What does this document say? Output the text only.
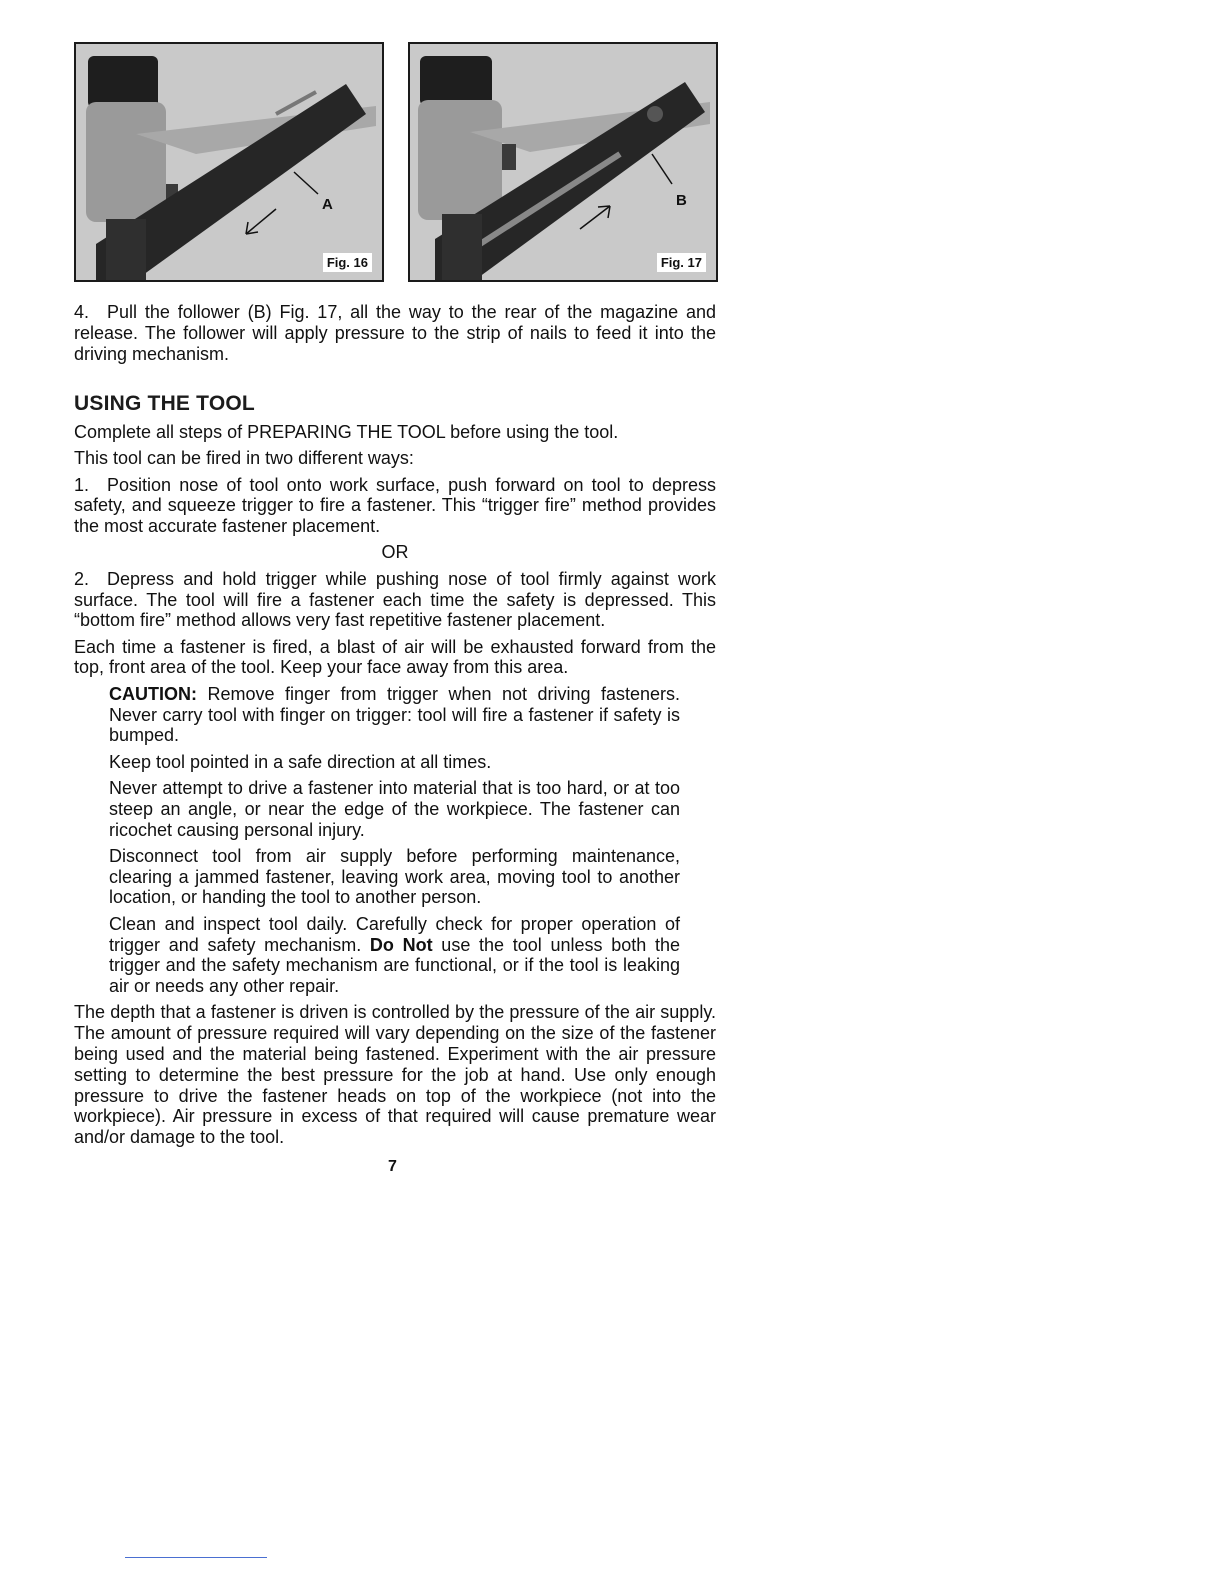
A
Fig. 16
B
Fig. 17

4. Pull the follower (B) Fig. 17, all the way to the rear of the magazine and release. The follower will apply pressure to the strip of nails to feed it into the driving mechanism.

USING THE TOOL

Complete all steps of PREPARING THE TOOL before using the tool.

This tool can be fired in two different ways:

1. Position nose of tool onto work surface, push forward on tool to depress safety, and squeeze trigger to fire a fastener. This “trigger fire” method provides the most accurate fastener placement.

OR

2. Depress and hold trigger while pushing nose of tool firmly against work surface. The tool will fire a fastener each time the safety is depressed. This “bottom fire” method allows very fast repetitive fastener placement.

Each time a fastener is fired, a blast of air will be exhausted forward from the top, front area of the tool. Keep your face away from this area.

CAUTION: Remove finger from trigger when not driving fasteners. Never carry tool with finger on trigger: tool will fire a fastener if safety is bumped.

Keep tool pointed in a safe direction at all times.

Never attempt to drive a fastener into material that is too hard, or at too steep an angle, or near the edge of the workpiece. The fastener can ricochet causing personal injury.

Disconnect tool from air supply before performing maintenance, clearing a jammed fastener, leaving work area, moving tool to another location, or handing the tool to another person.

Clean and inspect tool daily. Carefully check for proper operation of trigger and safety mechanism. Do Not use the tool unless both the trigger and the safety mechanism are functional, or if the tool is leaking air or needs any other repair.

The depth that a fastener is driven is controlled by the pressure of the air supply. The amount of pressure required will vary depending on the size of the fastener being used and the material being fastened. Experiment with the air pressure setting to determine the best pressure for the job at hand. Use only enough pressure to drive the fastener heads on top of the workpiece (not into the workpiece). Air pressure in excess of that required will cause premature wear and/or damage to the tool.

7
